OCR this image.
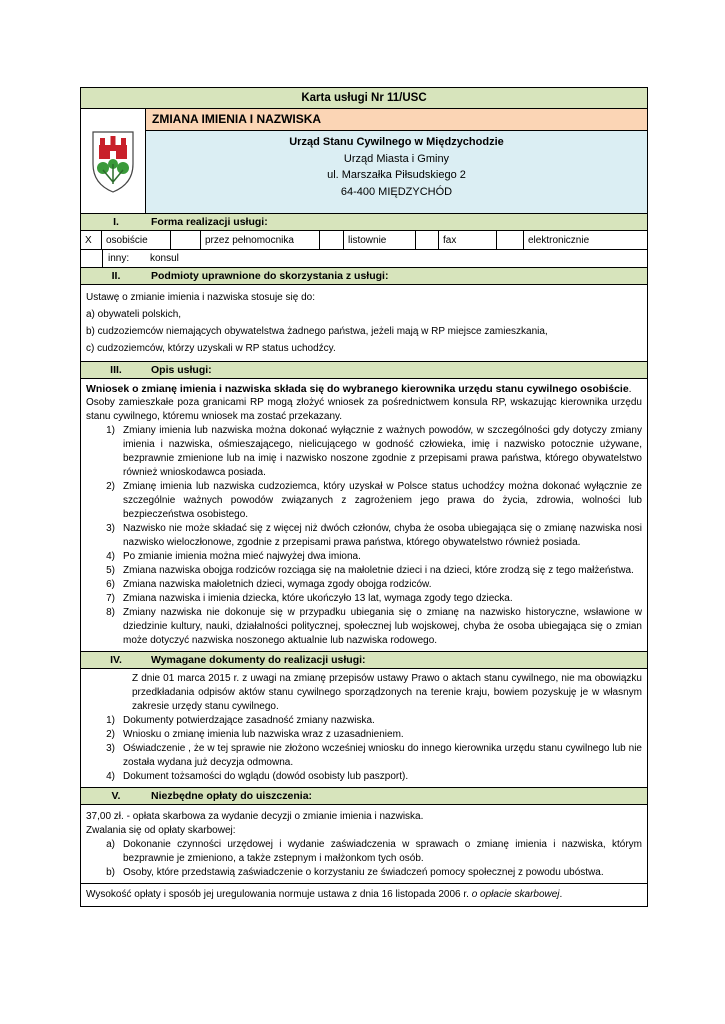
Karta usługi Nr 11/USC
ZMIANA IMIENIA I NAZWISKA
Urząd Stanu Cywilnego w Międzychodzie
Urząd Miasta i Gminy
ul. Marszałka Piłsudskiego 2
64-400 MIĘDZYCHÓD
I.	Forma realizacji usługi:
X	osobiście	przez pełnomocnika	listownie	fax	elektronicznie
inny:	konsul
II.	Podmioty uprawnione do skorzystania z usługi:
Ustawę o zmianie imienia i nazwiska stosuje się do:
a) obywateli polskich,
b) cudzoziemców niemających obywatelstwa żadnego państwa, jeżeli mają w RP miejsce zamieszkania,
c) cudzoziemców, którzy uzyskali w RP status uchodźcy.
III.	Opis usługi:
Wniosek o zmianę imienia i nazwiska składa się do wybranego kierownika urzędu stanu cywilnego osobiście.
Osoby zamieszkałe poza granicami RP mogą złożyć wniosek za pośrednictwem konsula RP, wskazując kierownika urzędu stanu cywilnego, któremu wniosek ma zostać przekazany.
1) Zmiany imienia lub nazwiska można dokonać wyłącznie z ważnych powodów, w szczególności gdy dotyczy zmiany imienia i nazwiska, ośmieszającego, nielicującego w godność człowieka, imię i nazwisko potocznie używane, bezprawnie zmienione lub na imię i nazwisko noszone zgodnie z przepisami prawa państwa, którego obywatelstwo również wnioskodawca posiada.
2) Zmianę imienia lub nazwiska cudzoziemca, który uzyskał w Polsce status uchodźcy można dokonać wyłącznie ze szczególnie ważnych powodów związanych z zagrożeniem jego prawa do życia, zdrowia, wolności lub bezpieczeństwa osobistego.
3) Nazwisko nie może składać się z więcej niż dwóch członów, chyba że osoba ubiegająca się o zmianę nazwiska nosi nazwisko wieloczłonowe, zgodnie z przepisami prawa państwa, którego obywatelstwo również posiada.
4) Po zmianie imienia można mieć najwyżej dwa imiona.
5) Zmiana nazwiska obojga rodziców rozciąga się na małoletnie dzieci i na dzieci, które zrodzą się z tego małżeństwa.
6) Zmiana nazwiska małoletnich dzieci, wymaga zgody obojga rodziców.
7) Zmiana nazwiska i imienia dziecka, które ukończyło 13 lat, wymaga zgody tego dziecka.
8) Zmiany nazwiska nie dokonuje się w przypadku ubiegania się o zmianę na nazwisko historyczne, wsławione w dziedzinie kultury, nauki, działalności politycznej, społecznej lub wojskowej, chyba że osoba ubiegająca się o zmian może dotyczyć nazwiska noszonego aktualnie lub nazwiska rodowego.
IV.	Wymagane dokumenty do realizacji usługi:
Z dnie 01 marca 2015 r. z uwagi na zmianę przepisów ustawy Prawo o aktach stanu cywilnego, nie ma obowiązku przedkładania odpisów aktów stanu cywilnego sporządzonych na terenie kraju, bowiem pozyskuję je w własnym zakresie urzędy stanu cywilnego.
1) Dokumenty potwierdzające zasadność zmiany nazwiska.
2) Wniosku o zmianę imienia lub nazwiska wraz z uzasadnieniem.
3) Oświadczenie , że w tej sprawie nie złożono wcześniej wniosku do innego kierownika urzędu stanu cywilnego lub nie została wydana już decyzja odmowna.
4) Dokument tożsamości do wglądu (dowód osobisty lub paszport).
V.	Niezbędne opłaty do uiszczenia:
37,00 zł. - opłata skarbowa za wydanie decyzji o zmianie imienia i nazwiska.
Zwalania się od opłaty skarbowej:
a) Dokonanie czynności urzędowej i wydanie zaświadczenia w sprawach o zmianę imienia i nazwiska, którym bezprawnie je zmieniono, a także zstepnym i małżonkom tych osób.
b) Osoby, które przedstawią zaświadczenie o korzystaniu ze świadczeń pomocy społecznej z powodu ubóstwa.
Wysokość opłaty i sposób jej uregulowania normuje ustawa z dnia 16 listopada 2006 r. o opłacie skarbowej.
